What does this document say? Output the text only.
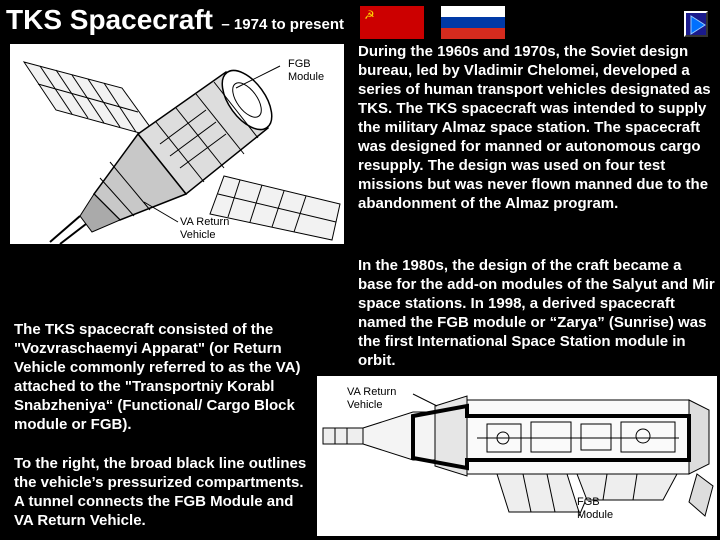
TKS Spacecraft – 1974 to present
☭
FGB
Module
VA Return
Vehicle
VA Return
Vehicle
FGB
Module

During the 1960s and 1970s, the Soviet design bureau, led by Vladimir Chelomei, developed a series of human transport vehicles designated as TKS. The TKS spacecraft was intended to supply the military Almaz space station. The spacecraft was designed for manned or autonomous cargo resupply. The design was used on four test missions but was never flown manned due to the abandonment of the Almaz program.

In the 1980s, the design of the craft became a base for the add-on modules of the Salyut and Mir space stations. In 1998, a derived spacecraft named the FGB module or “Zarya” (Sunrise) was the first International Space Station module in orbit.

The TKS spacecraft consisted of the "Vozvraschaemyi Apparat" (or Return Vehicle commonly referred to as the VA) attached to the "Transportniy Korabl Snabzheniya“ (Functional/ Cargo Block module or FGB).

To the right, the broad black line outlines the vehicle’s pressurized compartments. A tunnel connects the FGB Module and VA Return Vehicle.
